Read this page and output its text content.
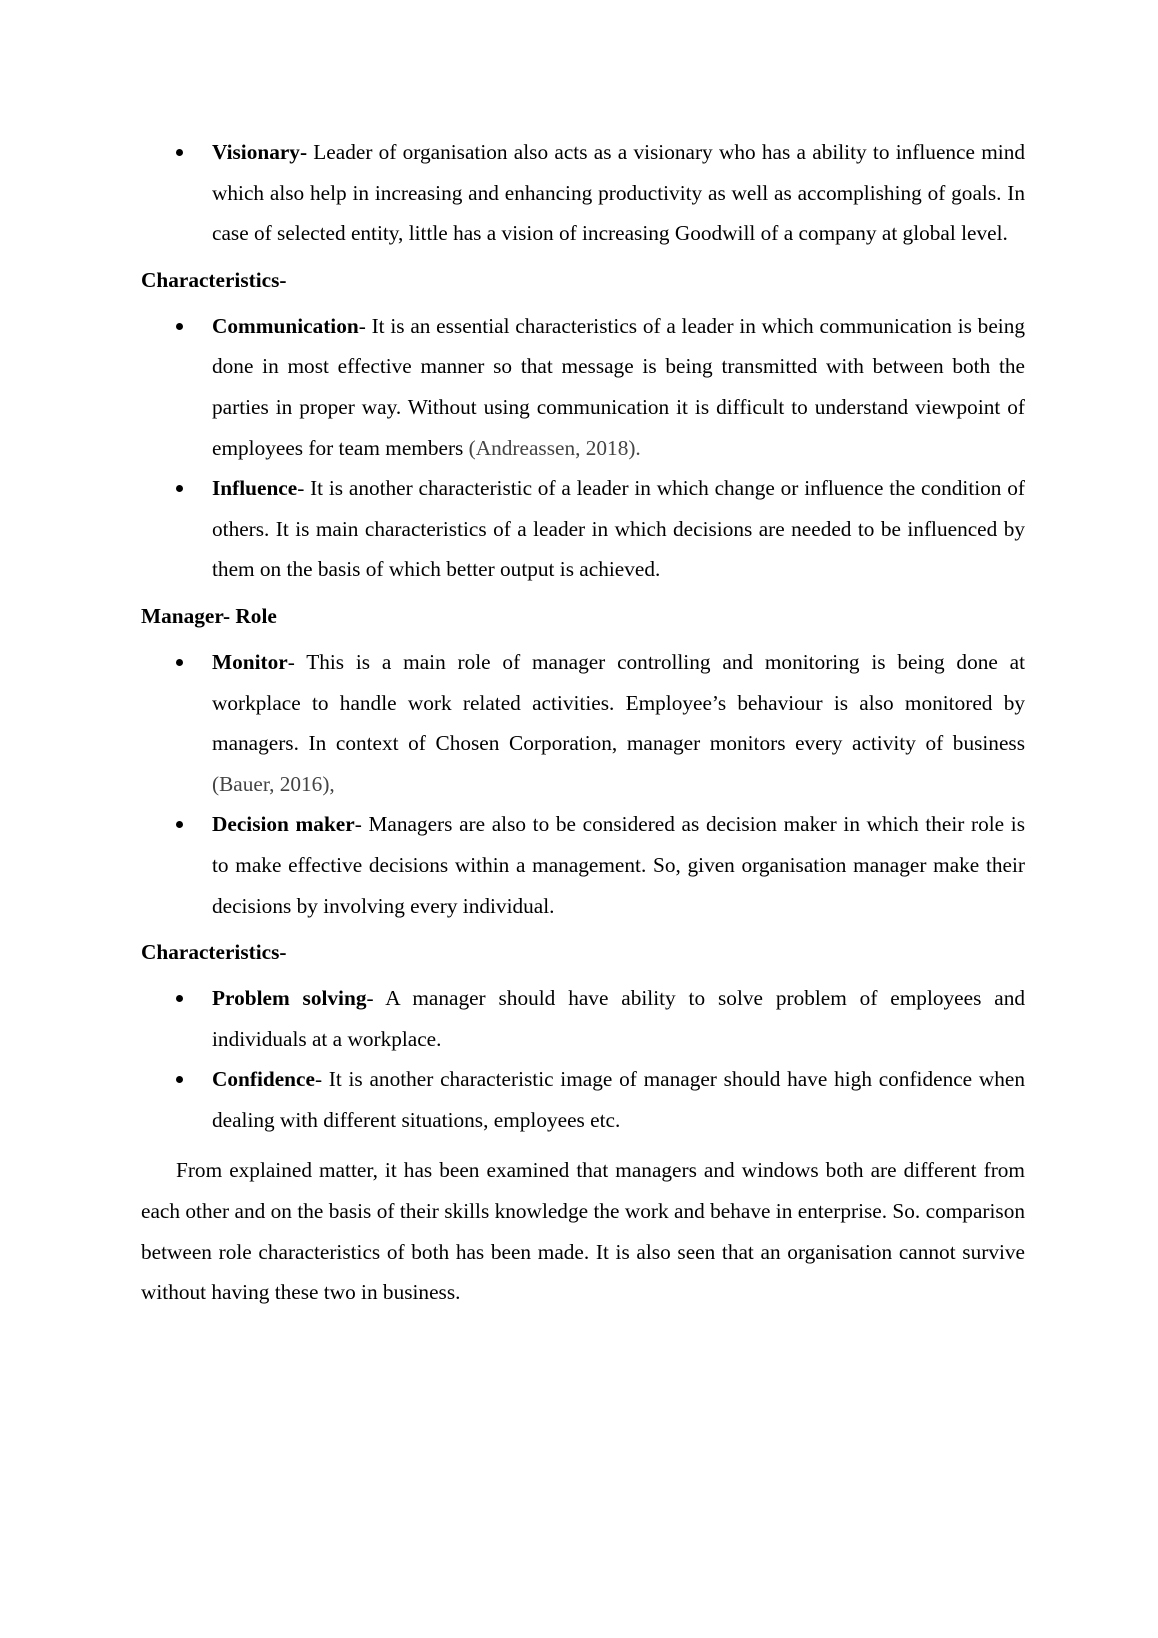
Visionary- Leader of organisation also acts as a visionary who has a ability to influence mind which also help in increasing and enhancing productivity as well as accomplishing of goals. In case of selected entity, little has a vision of increasing Goodwill of a company at global level.
Characteristics-
Communication- It is an essential characteristics of a leader in which communication is being done in most effective manner so that message is being transmitted with between both the parties in proper way. Without using communication it is difficult to understand viewpoint of employees for team members (Andreassen, 2018).
Influence- It is another characteristic of a leader in which change or influence the condition of others. It is main characteristics of a leader in which decisions are needed to be influenced by them on the basis of which better output is achieved.
Manager- Role
Monitor- This is a main role of manager controlling and monitoring is being done at workplace to handle work related activities. Employee’s behaviour is also monitored by managers. In context of Chosen Corporation, manager monitors every activity of business (Bauer, 2016),
Decision maker- Managers are also to be considered as decision maker in which their role is to make effective decisions within a management. So, given organisation manager make their decisions by involving every individual.
Characteristics-
Problem solving- A manager should have ability to solve problem of employees and individuals at a workplace.
Confidence- It is another characteristic image of manager should have high confidence when dealing with different situations, employees etc.

From explained matter, it has been examined that managers and windows both are different from each other and on the basis of their skills knowledge the work and behave in enterprise. So. comparison between role characteristics of both has been made. It is also seen that an organisation cannot survive without having these two in business.
